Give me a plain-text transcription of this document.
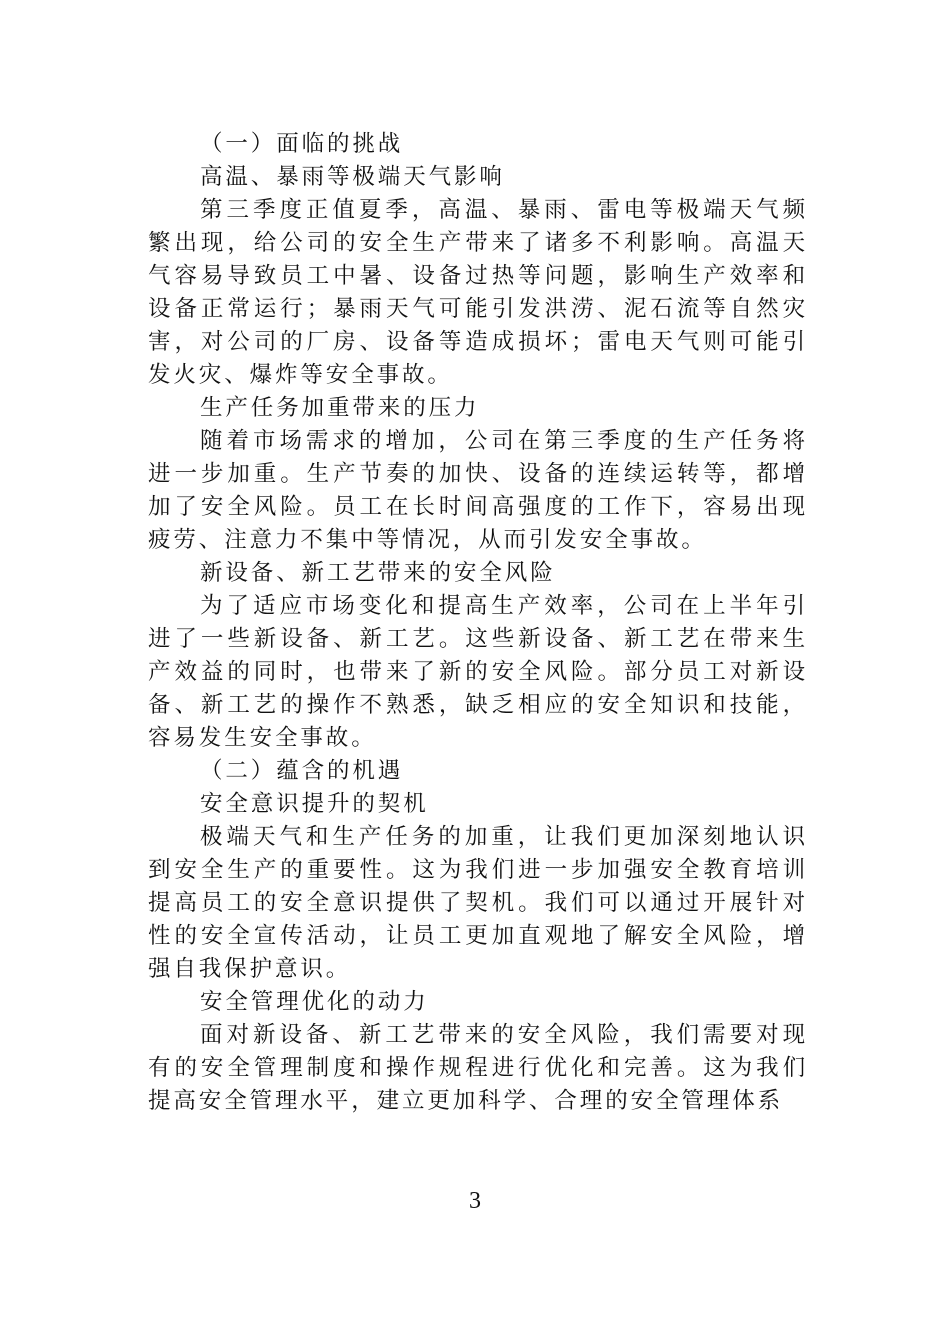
（一）面临的挑战

高温、暴雨等极端天气影响

第三季度正值夏季，高温、暴雨、雷电等极端天气频繁出现，给公司的安全生产带来了诸多不利影响。高温天气容易导致员工中暑、设备过热等问题，影响生产效率和设备正常运行；暴雨天气可能引发洪涝、泥石流等自然灾害，对公司的厂房、设备等造成损坏；雷电天气则可能引发火灾、爆炸等安全事故。

生产任务加重带来的压力

随着市场需求的增加，公司在第三季度的生产任务将进一步加重。生产节奏的加快、设备的连续运转等，都增加了安全风险。员工在长时间高强度的工作下，容易出现疲劳、注意力不集中等情况，从而引发安全事故。

新设备、新工艺带来的安全风险

为了适应市场变化和提高生产效率，公司在上半年引进了一些新设备、新工艺。这些新设备、新工艺在带来生产效益的同时，也带来了新的安全风险。部分员工对新设备、新工艺的操作不熟悉，缺乏相应的安全知识和技能，容易发生安全事故。

（二）蕴含的机遇

安全意识提升的契机

极端天气和生产任务的加重，让我们更加深刻地认识到安全生产的重要性。这为我们进一步加强安全教育培训提高员工的安全意识提供了契机。我们可以通过开展针对性的安全宣传活动，让员工更加直观地了解安全风险，增强自我保护意识。

安全管理优化的动力

面对新设备、新工艺带来的安全风险，我们需要对现有的安全管理制度和操作规程进行优化和完善。这为我们提高安全管理水平，建立更加科学、合理的安全管理体系

3
